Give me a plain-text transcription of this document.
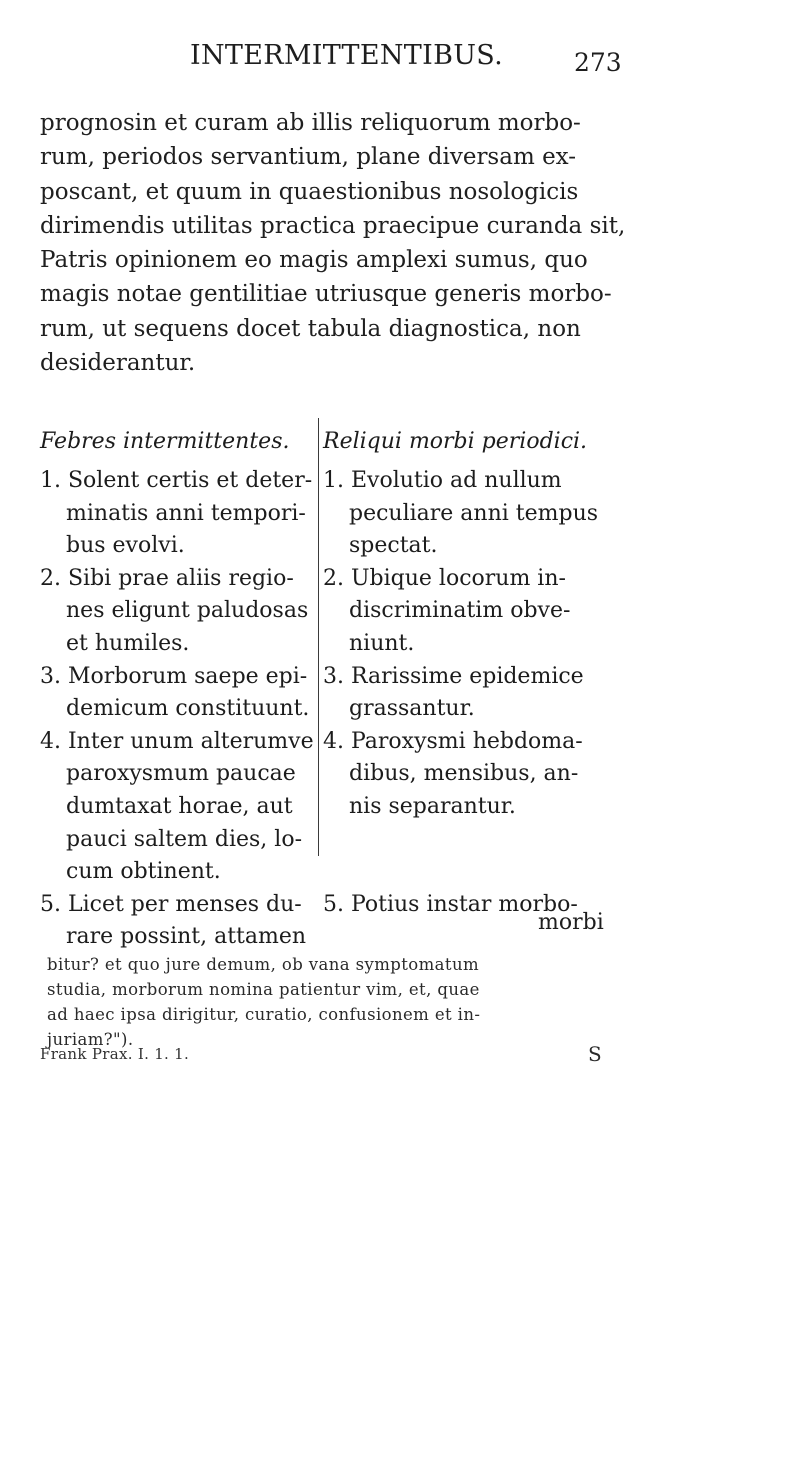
INTERMITTENTIBUS.	273
prognosin et curam ab illis reliquorum morbo-
rum, periodos servantium, plane diversam ex-
poscant, et quum in quaestionibus nosologicis
dirimendis utilitas practica praecipue curanda sit,
Patris opinionem eo magis amplexi sumus, quo
magis notae gentilitiae utriusque generis morbo-
rum, ut sequens docet tabula diagnostica, non
desiderantur.
Febres intermittentes.
1. Solent certis et deter-
minatis anni tempori-
bus evolvi.
2. Sibi prae aliis regio-
nes eligunt paludosas
et humiles.
3. Morborum saepe epi-
demicum constituunt.
4. Inter unum alterumve
paroxysmum paucae
dumtaxat horae, aut
pauci saltem dies, lo-
cum obtinent.
5. Licet per menses du-
rare possint, attamen
Reliqui morbi periodici.
1. Evolutio ad nullum
peculiare anni tempus
spectat.
2. Ubique locorum in-
discriminatim obve-
niunt.
3. Rarissime epidemice
grassantur.
4. Paroxysmi hebdoma-
dibus, mensibus, an-
nis separantur.
5. Potius instar morbo-
morbi
bitur? et quo jure demum, ob vana symptomatum
studia, morborum nomina patientur vim, et, quae
ad haec ipsa dirigitur, curatio, confusionem et in-
juriam?").
Frank Prax. I. 1. 1.	S
